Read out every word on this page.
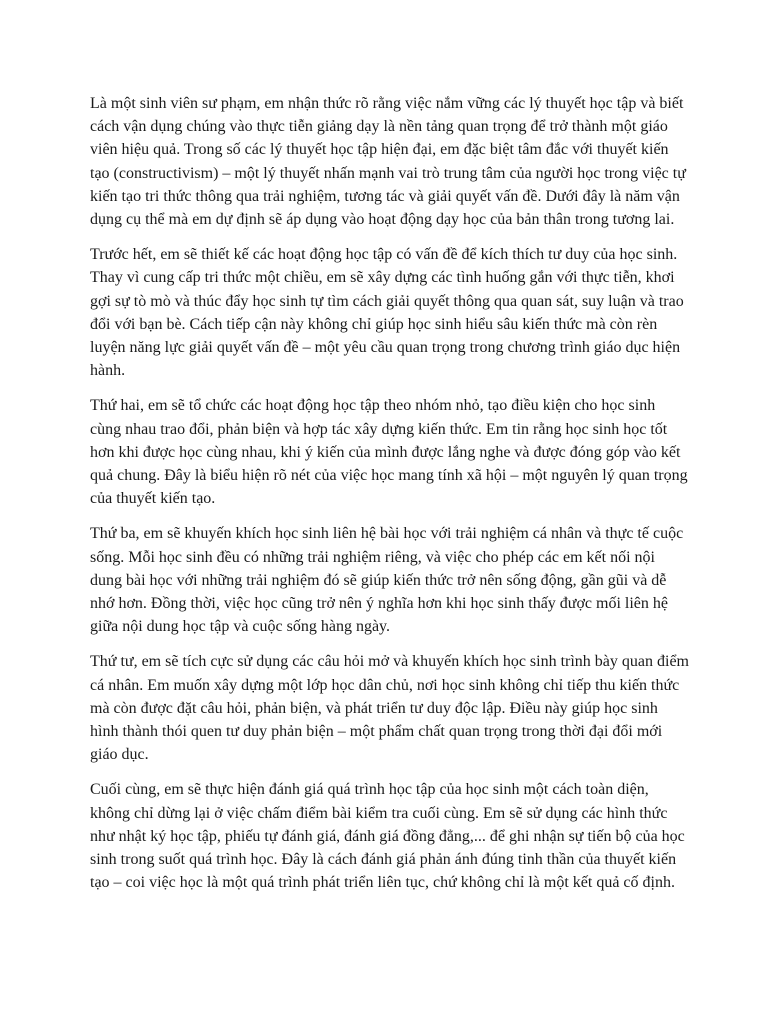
Là một sinh viên sư phạm, em nhận thức rõ rằng việc nắm vững các lý thuyết học tập và biết cách vận dụng chúng vào thực tiễn giảng dạy là nền tảng quan trọng để trở thành một giáo viên hiệu quả. Trong số các lý thuyết học tập hiện đại, em đặc biệt tâm đắc với thuyết kiến tạo (constructivism) – một lý thuyết nhấn mạnh vai trò trung tâm của người học trong việc tự kiến tạo tri thức thông qua trải nghiệm, tương tác và giải quyết vấn đề. Dưới đây là năm vận dụng cụ thể mà em dự định sẽ áp dụng vào hoạt động dạy học của bản thân trong tương lai.

Trước hết, em sẽ thiết kế các hoạt động học tập có vấn đề để kích thích tư duy của học sinh. Thay vì cung cấp tri thức một chiều, em sẽ xây dựng các tình huống gắn với thực tiễn, khơi gợi sự tò mò và thúc đẩy học sinh tự tìm cách giải quyết thông qua quan sát, suy luận và trao đổi với bạn bè. Cách tiếp cận này không chỉ giúp học sinh hiểu sâu kiến thức mà còn rèn luyện năng lực giải quyết vấn đề – một yêu cầu quan trọng trong chương trình giáo dục hiện hành.

Thứ hai, em sẽ tổ chức các hoạt động học tập theo nhóm nhỏ, tạo điều kiện cho học sinh cùng nhau trao đổi, phản biện và hợp tác xây dựng kiến thức. Em tin rằng học sinh học tốt hơn khi được học cùng nhau, khi ý kiến của mình được lắng nghe và được đóng góp vào kết quả chung. Đây là biểu hiện rõ nét của việc học mang tính xã hội – một nguyên lý quan trọng của thuyết kiến tạo.

Thứ ba, em sẽ khuyến khích học sinh liên hệ bài học với trải nghiệm cá nhân và thực tế cuộc sống. Mỗi học sinh đều có những trải nghiệm riêng, và việc cho phép các em kết nối nội dung bài học với những trải nghiệm đó sẽ giúp kiến thức trở nên sống động, gần gũi và dễ nhớ hơn. Đồng thời, việc học cũng trở nên ý nghĩa hơn khi học sinh thấy được mối liên hệ giữa nội dung học tập và cuộc sống hàng ngày.

Thứ tư, em sẽ tích cực sử dụng các câu hỏi mở và khuyến khích học sinh trình bày quan điểm cá nhân. Em muốn xây dựng một lớp học dân chủ, nơi học sinh không chỉ tiếp thu kiến thức mà còn được đặt câu hỏi, phản biện, và phát triển tư duy độc lập. Điều này giúp học sinh hình thành thói quen tư duy phản biện – một phẩm chất quan trọng trong thời đại đổi mới giáo dục.

Cuối cùng, em sẽ thực hiện đánh giá quá trình học tập của học sinh một cách toàn diện, không chỉ dừng lại ở việc chấm điểm bài kiểm tra cuối cùng. Em sẽ sử dụng các hình thức như nhật ký học tập, phiếu tự đánh giá, đánh giá đồng đẳng,... để ghi nhận sự tiến bộ của học sinh trong suốt quá trình học. Đây là cách đánh giá phản ánh đúng tinh thần của thuyết kiến tạo – coi việc học là một quá trình phát triển liên tục, chứ không chỉ là một kết quả cố định.
